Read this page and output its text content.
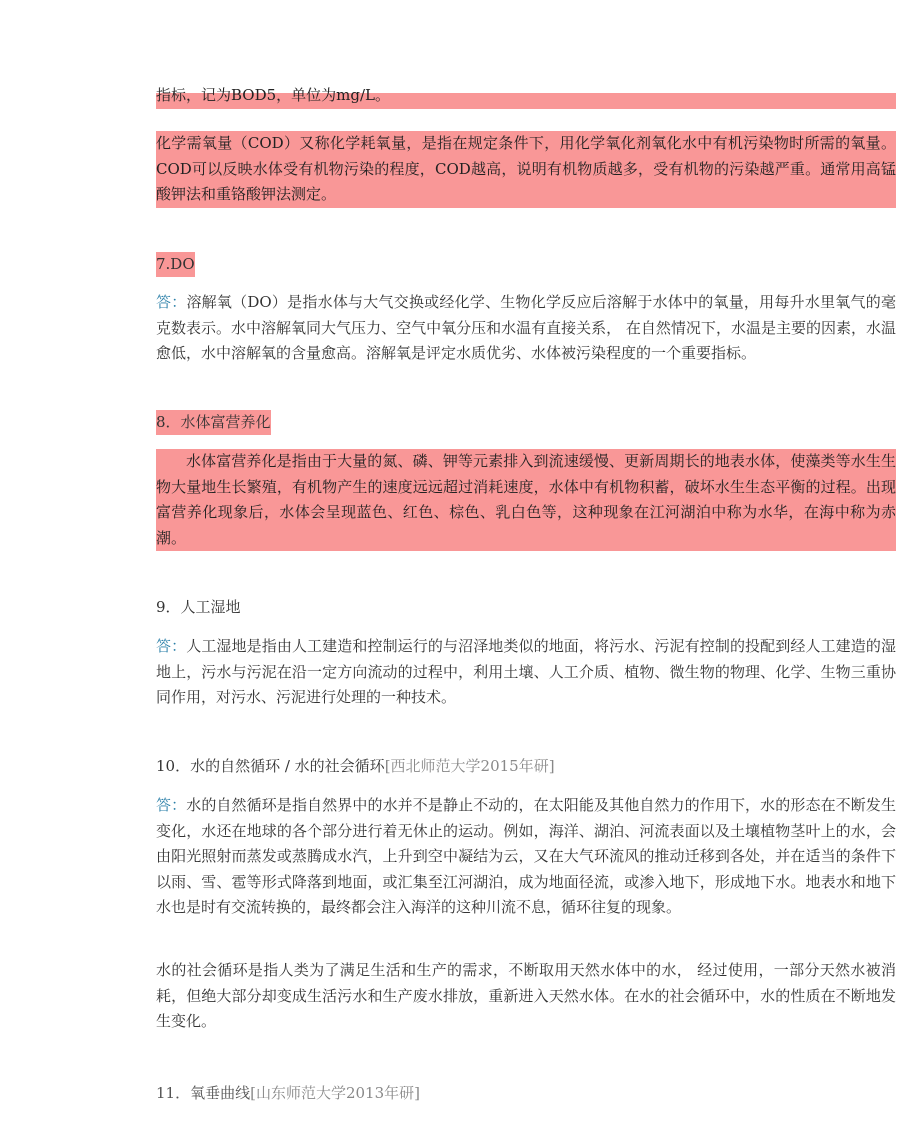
指标，记为BOD5，单位为mg/L。

化学需氧量（COD）又称化学耗氧量，是指在规定条件下，用化学氧化剂氧化水中有机污染物时所需的氧量。COD可以反映水体受有机物污染的程度，COD越高，说明有机物质越多，受有机物的污染越严重。通常用高锰酸钾法和重铬酸钾法测定。

7.DO

答：溶解氧（DO）是指水体与大气交换或经化学、生物化学反应后溶解于水体中的氧量，用每升水里氧气的毫克数表示。水中溶解氧同大气压力、空气中氧分压和水温有直接关系， 在自然情况下，水温是主要的因素，水温愈低，水中溶解氧的含量愈高。溶解氧是评定水质优劣、水体被污染程度的一个重要指标。

8．水体富营养化

水体富营养化是指由于大量的氮、磷、钾等元素排入到流速缓慢、更新周期长的地表水体，使藻类等水生生物大量地生长繁殖，有机物产生的速度远远超过消耗速度，水体中有机物积蓄，破坏水生生态平衡的过程。出现富营养化现象后，水体会呈现蓝色、红色、棕色、乳白色等，这种现象在江河湖泊中称为水华，在海中称为赤潮。

9．人工湿地

答：人工湿地是指由人工建造和控制运行的与沼泽地类似的地面，将污水、污泥有控制的投配到经人工建造的湿地上，污水与污泥在沿一定方向流动的过程中，利用土壤、人工介质、植物、微生物的物理、化学、生物三重协同作用，对污水、污泥进行处理的一种技术。

10．水的自然循环 / 水的社会循环[西北师范大学2015年研]

答：水的自然循环是指自然界中的水并不是静止不动的，在太阳能及其他自然力的作用下，水的形态在不断发生变化，水还在地球的各个部分进行着无休止的运动。例如，海洋、湖泊、河流表面以及土壤植物茎叶上的水，会由阳光照射而蒸发或蒸腾成水汽，上升到空中凝结为云，又在大气环流风的推动迁移到各处，并在适当的条件下以雨、雪、雹等形式降落到地面，或汇集至江河湖泊，成为地面径流，或渗入地下，形成地下水。地表水和地下水也是时有交流转换的，最终都会注入海洋的这种川流不息，循环往复的现象。

水的社会循环是指人类为了满足生活和生产的需求，不断取用天然水体中的水， 经过使用，一部分天然水被消耗，但绝大部分却变成生活污水和生产废水排放，重新进入天然水体。在水的社会循环中，水的性质在不断地发生变化。

11．氧垂曲线[山东师范大学2013年研]
